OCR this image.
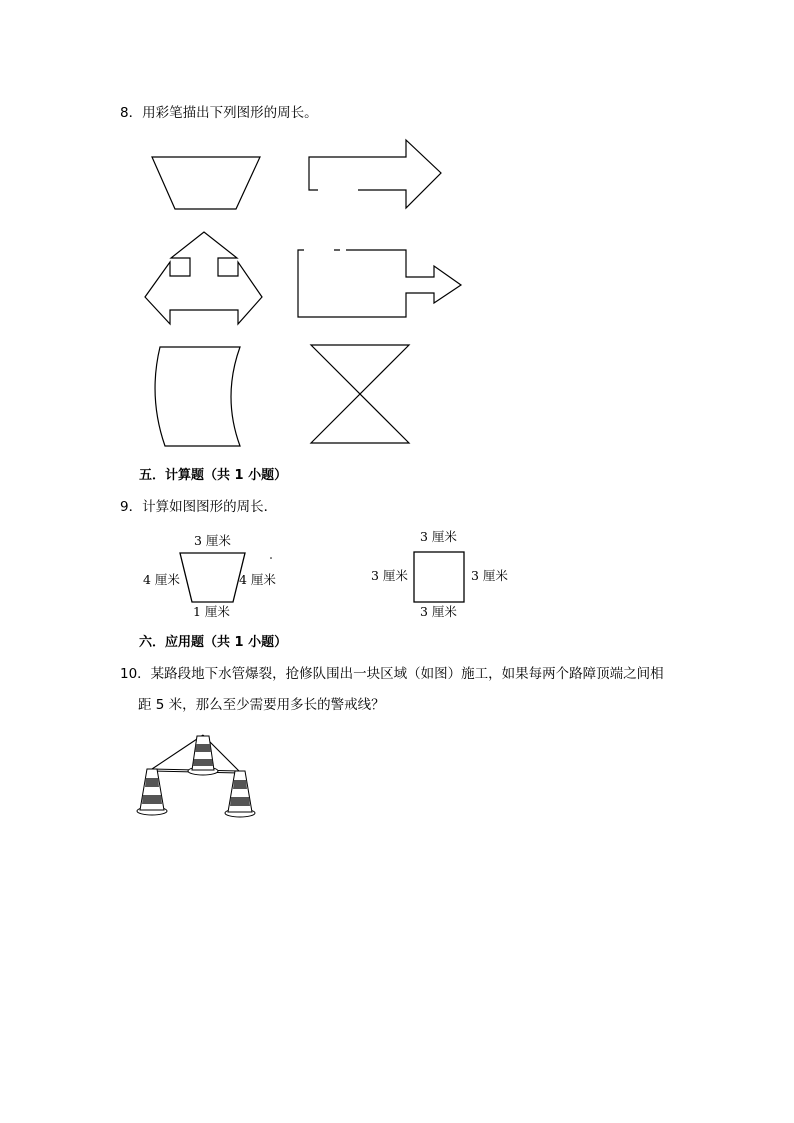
8．用彩笔描出下列图形的周长。
五．计算题（共 1 小题）
9．计算如图图形的周长．
3 厘米
4 厘米	4 厘米
1 厘米
3 厘米
3 厘米	3 厘米
3 厘米
六．应用题（共 1 小题）
10．某路段地下水管爆裂，抢修队围出一块区域（如图）施工，如果每两个路障顶端之间相
距 5 米，那么至少需要用多长的警戒线？
